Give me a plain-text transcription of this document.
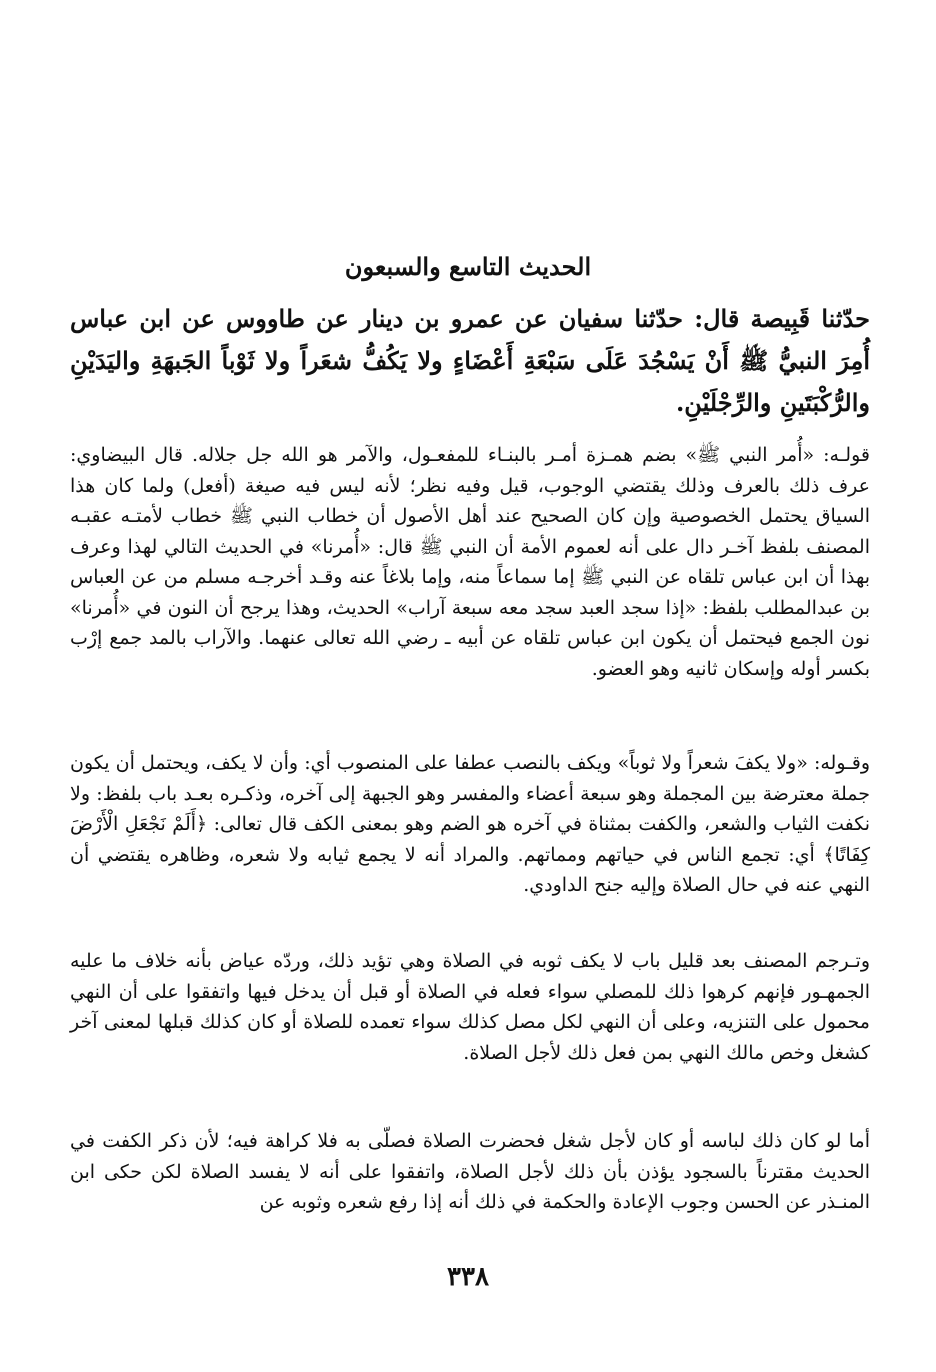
الحديث التاسع والسبعون

حدّثنا قَبِيصة قال: حدّثنا سفيان عن عمرو بن دينار عن طاووس عن ابن عباس أُمِرَ النبيُّ ﷺ أَنْ يَسْجُدَ عَلَى سَبْعَةِ أَعْضَاءٍ ولا يَكُفُّ شعَراً ولا ثَوْباً الجَبهَةِ واليَدَيْنِ والرُّكْبَتَينِ والرِّجْلَيْنِ.

قولـه: «أُمر النبي ﷺ» بضم همـزة أمـر بالبنـاء للمفعـول، والآمر هو الله جل جلاله. قال البيضاوي: عرف ذلك بالعرف وذلك يقتضي الوجوب، قيل وفيه نظر؛ لأنه ليس فيه صيغة (أفعل) ولما كان هذا السياق يحتمل الخصوصية وإن كان الصحيح عند أهل الأصول أن خطاب النبي ﷺ خطاب لأمتـه عقبـه المصنف بلفظ آخـر دال على أنه لعموم الأمة أن النبي ﷺ قال: «أُمرنا» في الحديث التالي لهذا وعرف بهذا أن ابن عباس تلقاه عن النبي ﷺ إما سماعاً منه، وإما بلاغاً عنه وقـد أخرجـه مسلم من عن العباس بن عبدالمطلب بلفظ: «إذا سجد العبد سجد معه سبعة آراب» الحديث، وهذا يرجح أن النون في «أُمرنا» نون الجمع فيحتمل أن يكون ابن عباس تلقاه عن أبيه ـ رضي الله تعالى عنهما. والآراب بالمد جمع إرْب بكسر أوله وإسكان ثانيه وهو العضو.

وقـوله: «ولا يكفَ شعراً ولا ثوباً» ويكف بالنصب عطفا على المنصوب أي: وأن لا يكف، ويحتمل أن يكون جملة معترضة بين المجملة وهو سبعة أعضاء والمفسر وهو الجبهة إلى آخره، وذكـره بعـد باب بلفظ: ولا نكفت الثياب والشعر، والكفت بمثناة في آخره هو الضم وهو بمعنى الكف قال تعالى: ﴿أَلَمْ نَجْعَلِ الْأَرْضَ كِفَاتًا﴾ أي: تجمع الناس في حياتهم ومماتهم. والمراد أنه لا يجمع ثيابه ولا شعره، وظاهره يقتضي أن النهي عنه في حال الصلاة وإليه جنح الداودي.

وتـرجم المصنف بعد قليل باب لا يكف ثوبه في الصلاة وهي تؤيد ذلك، وردّه عياض بأنه خلاف ما عليه الجمهـور فإنهم كرهوا ذلك للمصلي سواء فعله في الصلاة أو قبل أن يدخل فيها واتفقوا على أن النهي محمول على التنزيه، وعلى أن النهي لكل مصل كذلك سواء تعمده للصلاة أو كان كذلك قبلها لمعنى آخر كشغل وخص مالك النهي بمن فعل ذلك لأجل الصلاة.

أما لو كان ذلك لباسه أو كان لأجل شغل فحضرت الصلاة فصلّى به فلا كراهة فيه؛ لأن ذكر الكفت في الحديث مقترناً بالسجود يؤذن بأن ذلك لأجل الصلاة، واتفقوا على أنه لا يفسد الصلاة لكن حكى ابن المنـذر عن الحسن وجوب الإعادة والحكمة في ذلك أنه إذا رفع شعره وثوبه عن

٣٣٨
